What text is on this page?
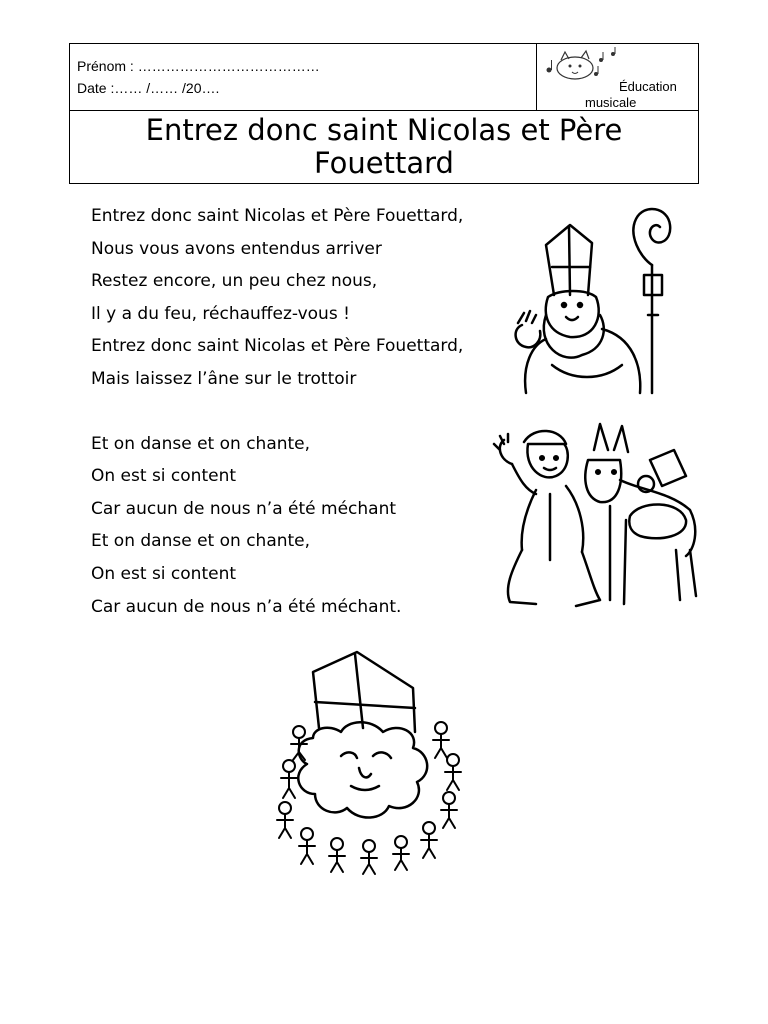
Prénom : …………………………………
Date :…… /…… /20….	Éducation
musicale
Entrez donc saint Nicolas et Père
Fouettard
Entrez donc saint Nicolas et Père Fouettard,
Nous vous avons entendus arriver
Restez encore, un peu chez nous,
Il y a du feu, réchauffez-vous !
Entrez donc saint Nicolas et Père Fouettard,
Mais laissez l’âne sur le trottoir
Et on danse et on chante,
On est si content
Car aucun de nous n’a été méchant
Et on danse et on chante,
On est si content
Car aucun de nous n’a été méchant.
